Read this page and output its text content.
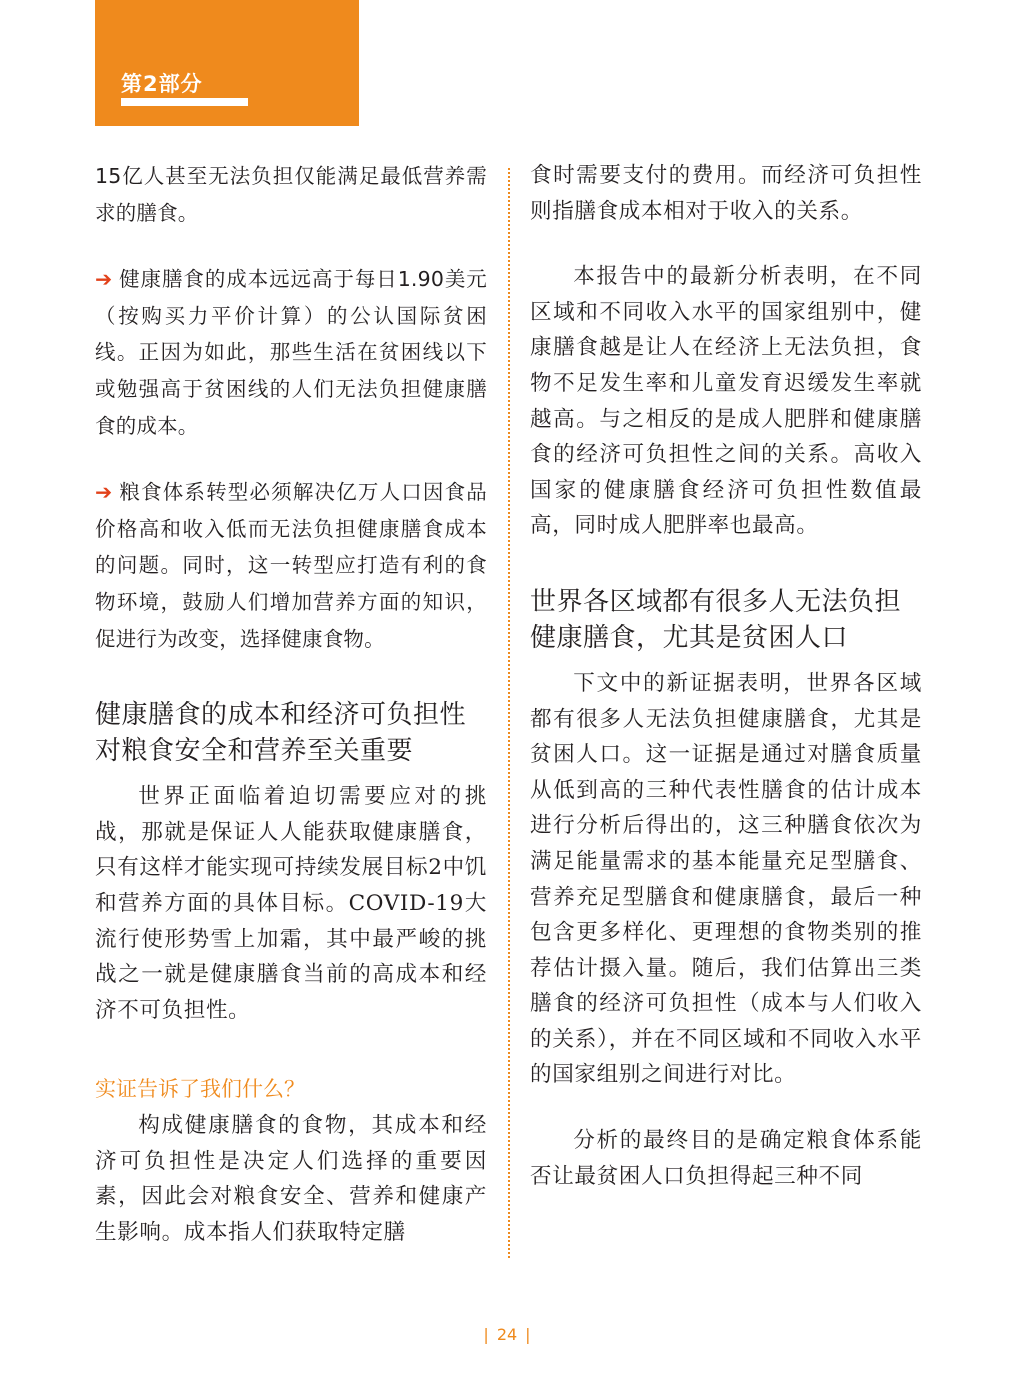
第2部分

15亿人甚至无法负担仅能满足最低营养需求的膳食。

➔ 健康膳食的成本远远高于每日1.90美元（按购买力平价计算）的公认国际贫困线。正因为如此，那些生活在贫困线以下或勉强高于贫困线的人们无法负担健康膳食的成本。

➔ 粮食体系转型必须解决亿万人口因食品价格高和收入低而无法负担健康膳食成本的问题。同时，这一转型应打造有利的食物环境，鼓励人们增加营养方面的知识，促进行为改变，选择健康食物。

健康膳食的成本和经济可负担性对粮食安全和营养至关重要

世界正面临着迫切需要应对的挑战，那就是保证人人能获取健康膳食，只有这样才能实现可持续发展目标2中饥和营养方面的具体目标。COVID-19大流行使形势雪上加霜，其中最严峻的挑战之一就是健康膳食当前的高成本和经济不可负担性。

实证告诉了我们什么？

构成健康膳食的食物，其成本和经济可负担性是决定人们选择的重要因素，因此会对粮食安全、营养和健康产生影响。成本指人们获取特定膳

食时需要支付的费用。而经济可负担性则指膳食成本相对于收入的关系。

本报告中的最新分析表明，在不同区域和不同收入水平的国家组别中，健康膳食越是让人在经济上无法负担，食物不足发生率和儿童发育迟缓发生率就越高。与之相反的是成人肥胖和健康膳食的经济可负担性之间的关系。高收入国家的健康膳食经济可负担性数值最高，同时成人肥胖率也最高。

世界各区域都有很多人无法负担健康膳食，尤其是贫困人口

下文中的新证据表明，世界各区域都有很多人无法负担健康膳食，尤其是贫困人口。这一证据是通过对膳食质量从低到高的三种代表性膳食的估计成本进行分析后得出的，这三种膳食依次为满足能量需求的基本能量充足型膳食、营养充足型膳食和健康膳食，最后一种包含更多样化、更理想的食物类别的推荐估计摄入量。随后，我们估算出三类膳食的经济可负担性（成本与人们收入的关系），并在不同区域和不同收入水平的国家组别之间进行对比。

分析的最终目的是确定粮食体系能否让最贫困人口负担得起三种不同

| 24 |
